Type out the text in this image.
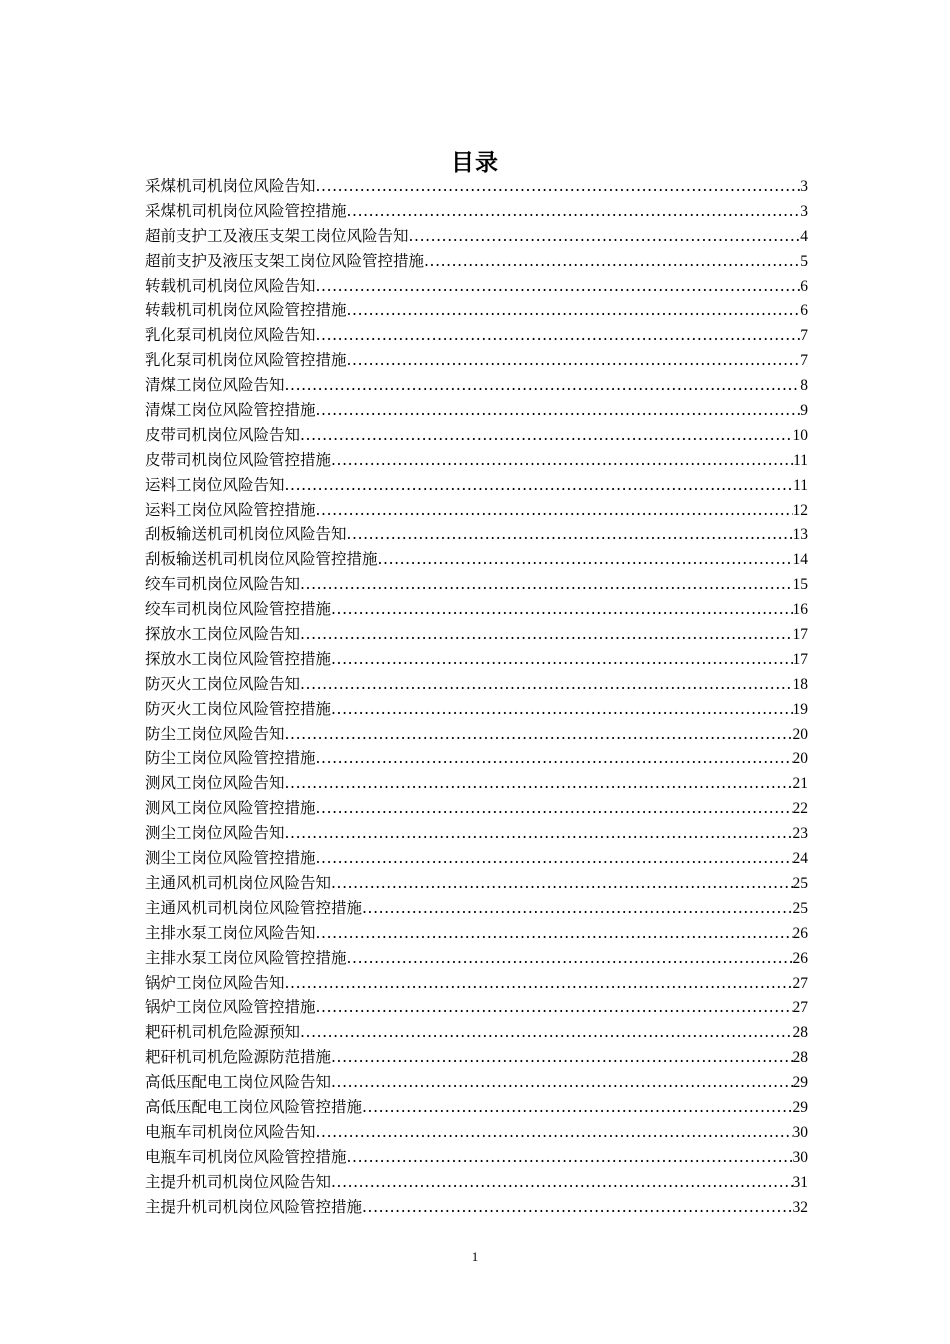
目录
采煤机司机岗位风险告知 .....	3
采煤机司机岗位风险管控措施 .....	3
超前支护工及液压支架工岗位风险告知 .....	4
超前支护及液压支架工岗位风险管控措施 .....	5
转载机司机岗位风险告知 .....	6
转载机司机岗位风险管控措施 .....	6
乳化泵司机岗位风险告知 .....	7
乳化泵司机岗位风险管控措施 .....	7
清煤工岗位风险告知 .....	8
清煤工岗位风险管控措施 .....	9
皮带司机岗位风险告知 .....	10
皮带司机岗位风险管控措施 .....	11
运料工岗位风险告知 .....	11
运料工岗位风险管控措施 .....	12
刮板输送机司机岗位风险告知 .....	13
刮板输送机司机岗位风险管控措施 .....	14
绞车司机岗位风险告知 .....	15
绞车司机岗位风险管控措施 .....	16
探放水工岗位风险告知 .....	17
探放水工岗位风险管控措施 .....	17
防灭火工岗位风险告知 .....	18
防灭火工岗位风险管控措施 .....	19
防尘工岗位风险告知 .....	20
防尘工岗位风险管控措施 .....	20
测风工岗位风险告知 .....	21
测风工岗位风险管控措施 .....	22
测尘工岗位风险告知 .....	23
测尘工岗位风险管控措施 .....	24
主通风机司机岗位风险告知 .....	25
主通风机司机岗位风险管控措施 .....	25
主排水泵工岗位风险告知 .....	26
主排水泵工岗位风险管控措施 .....	26
锅炉工岗位风险告知 .....	27
锅炉工岗位风险管控措施 .....	27
耙矸机司机危险源预知 .....	28
耙矸机司机危险源防范措施 .....	28
高低压配电工岗位风险告知 .....	29
高低压配电工岗位风险管控措施 .....	29
电瓶车司机岗位风险告知 .....	30
电瓶车司机岗位风险管控措施 .....	30
主提升机司机岗位风险告知 .....	31
主提升机司机岗位风险管控措施 .....	32
1
